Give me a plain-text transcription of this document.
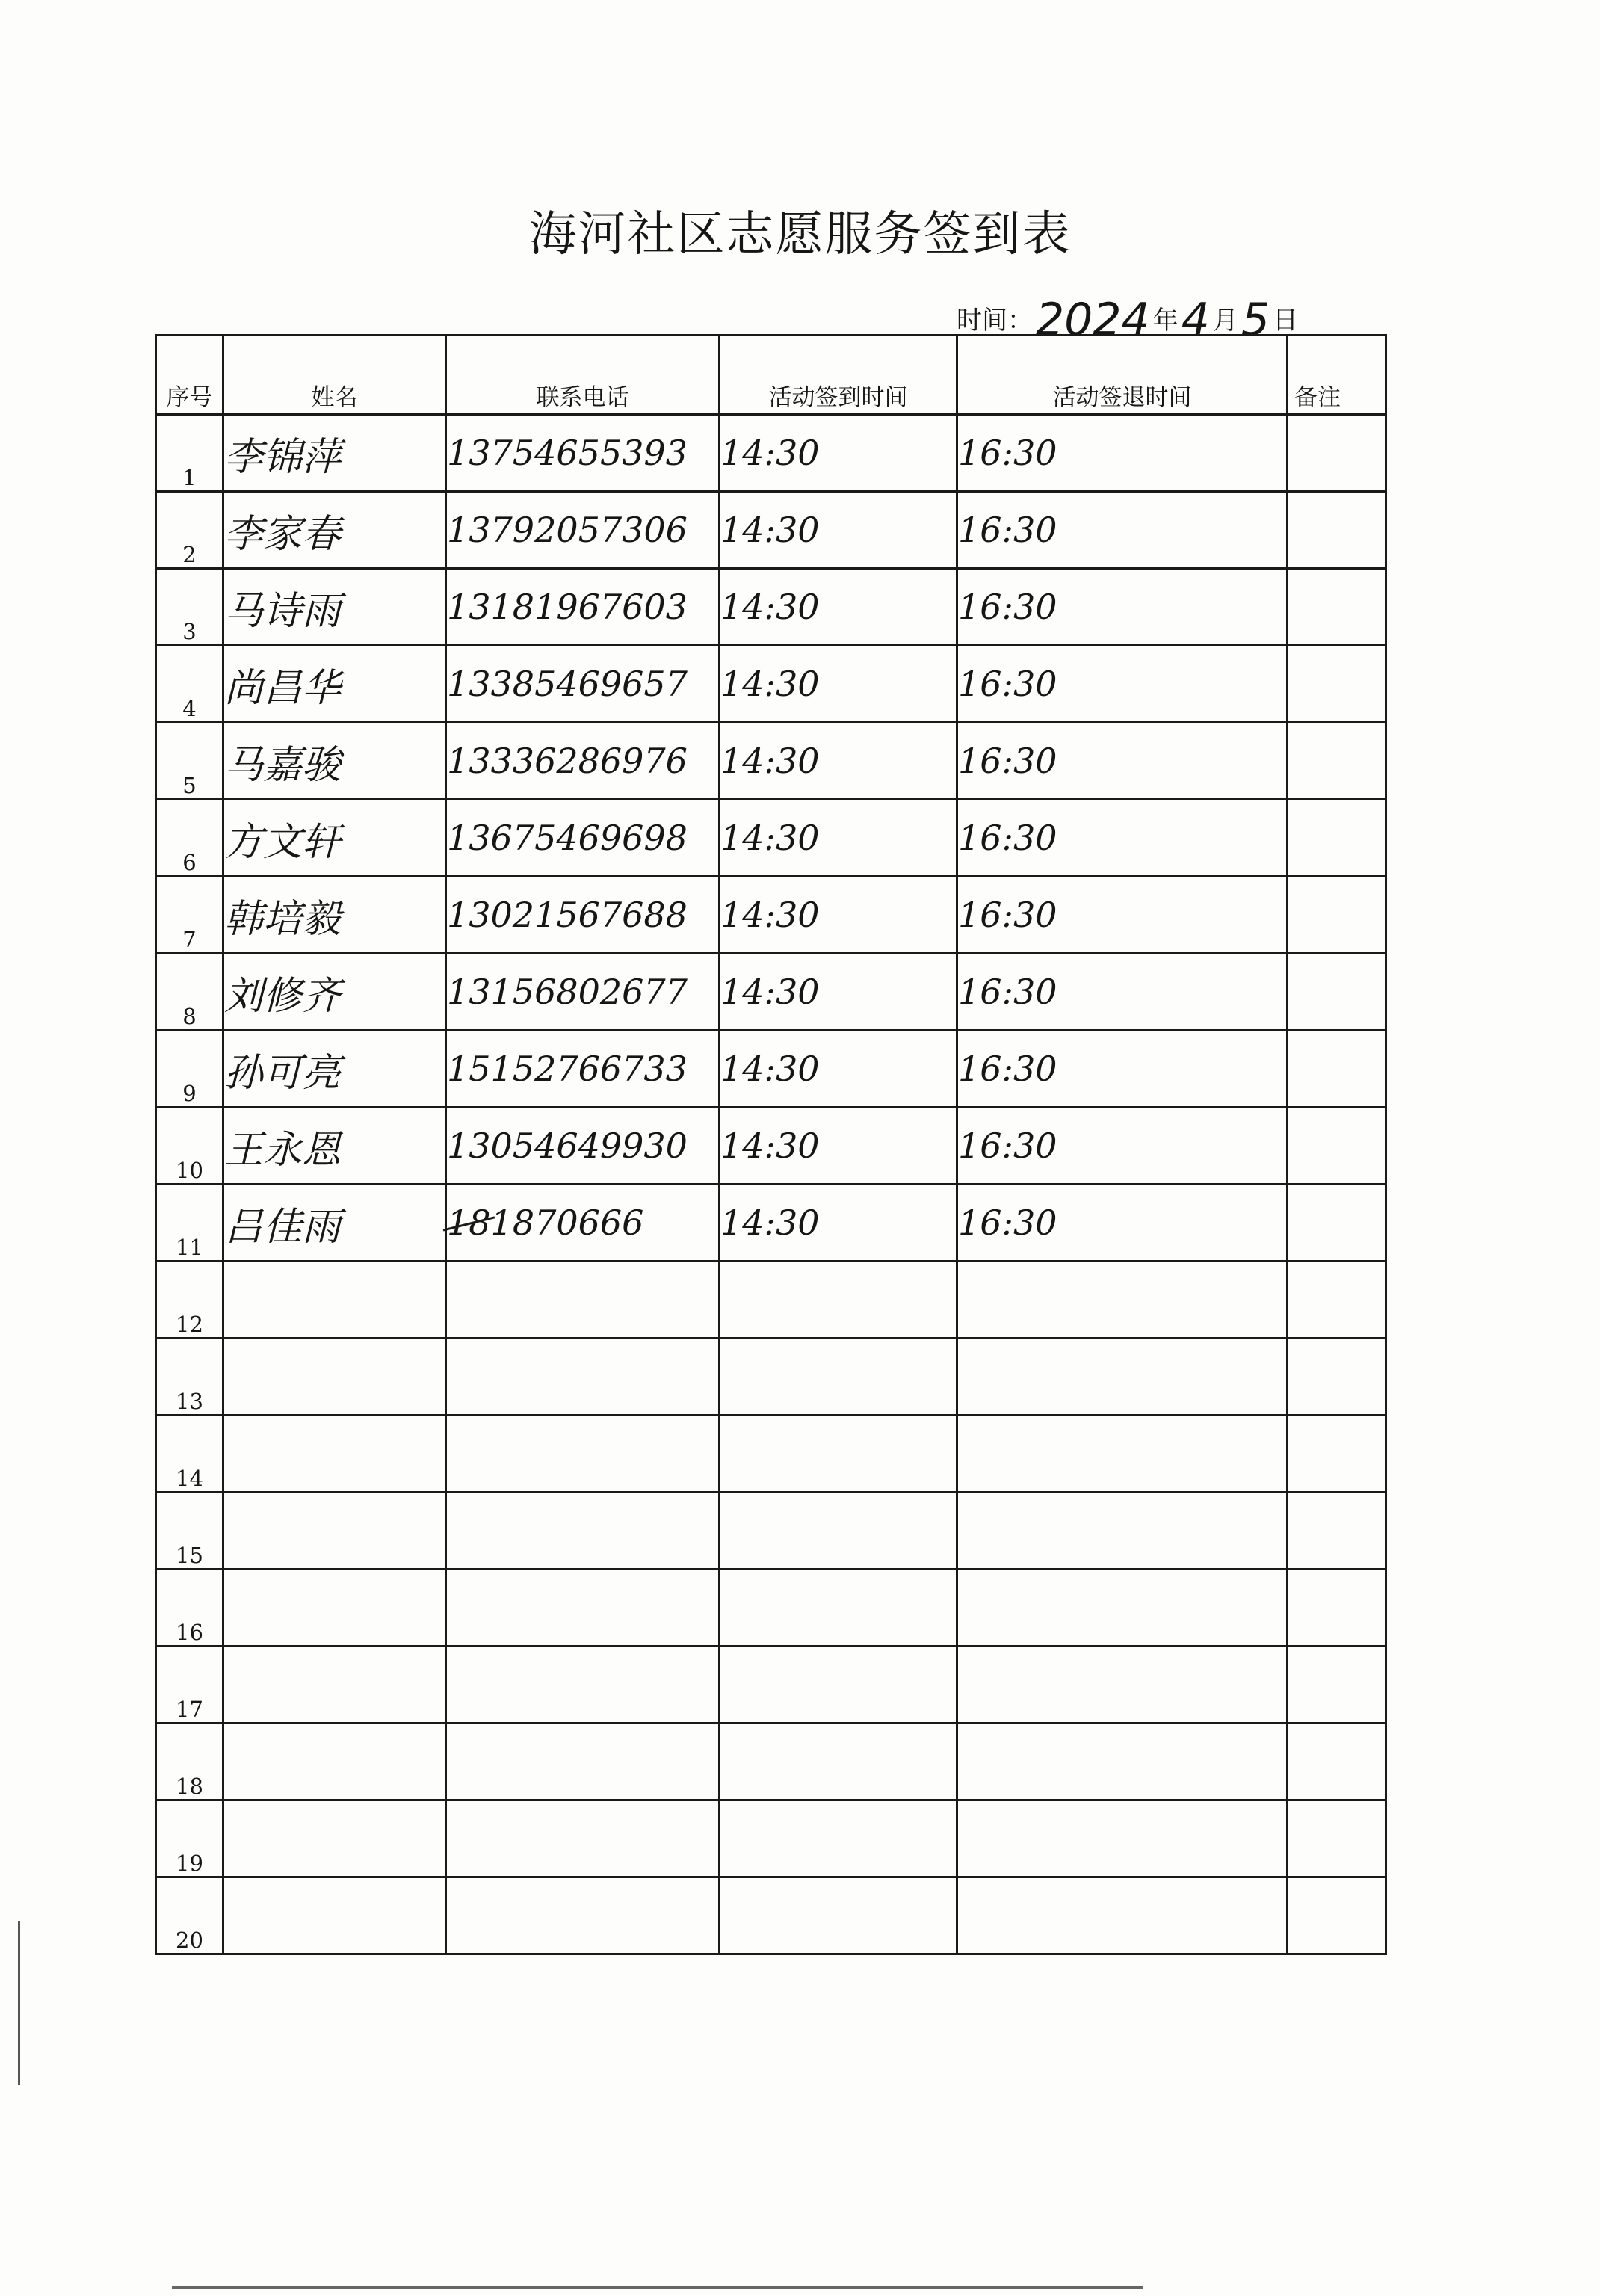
海河社区志愿服务签到表
时间： 2024 年 4 月 5 日
序号	姓名	联系电话	活动签到时间	活动签退时间	备注
1	李锦萍	13754655393	14:30	16:30	
2	李家春	13792057306	14:30	16:30	
3	马诗雨	13181967603	14:30	16:30	
4	尚昌华	13385469657	14:30	16:30	
5	马嘉骏	13336286976	14:30	16:30	
6	方文轩	13675469698	14:30	16:30	
7	韩培毅	13021567688	14:30	16:30	
8	刘修齐	13156802677	14:30	16:30	
9	孙可亮	15152766733	14:30	16:30	
10	王永恩	13054649930	14:30	16:30	
11	吕佳雨	181870666	14:30	16:30	
12					
13					
14					
15					
16					
17					
18					
19					
20					
